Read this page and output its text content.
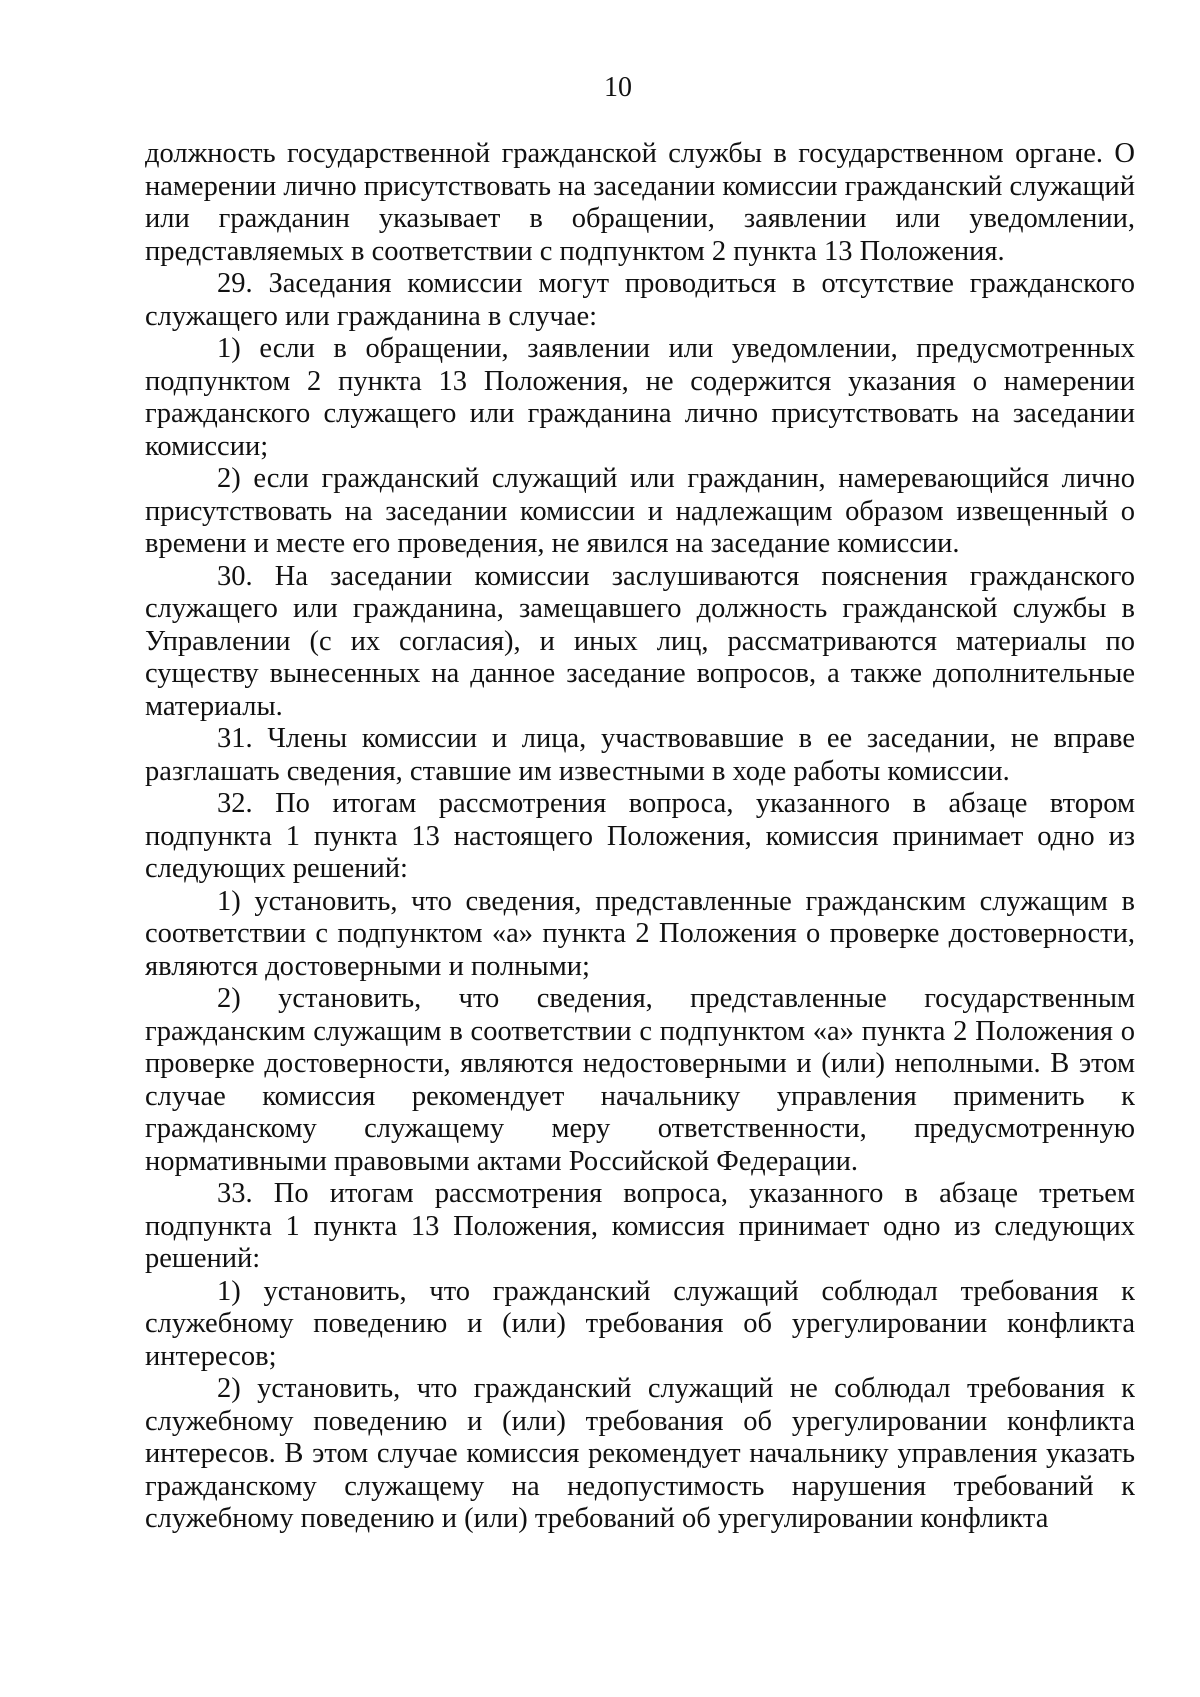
10

должность государственной гражданской службы в государственном органе. О намерении лично присутствовать на заседании комиссии гражданский служащий или гражданин указывает в обращении, заявлении или уведомлении, представляемых в соответствии с подпунктом 2 пункта 13 Положения.

29. Заседания комиссии могут проводиться в отсутствие гражданского служащего или гражданина в случае:

1) если в обращении, заявлении или уведомлении, предусмотренных подпунктом 2 пункта 13 Положения, не содержится указания о намерении гражданского служащего или гражданина лично присутствовать на заседании комиссии;

2) если гражданский служащий или гражданин, намеревающийся лично присутствовать на заседании комиссии и надлежащим образом извещенный о времени и месте его проведения, не явился на заседание комиссии.

30. На заседании комиссии заслушиваются пояснения гражданского служащего или гражданина, замещавшего должность гражданской службы в Управлении (с их согласия), и иных лиц, рассматриваются материалы по существу вынесенных на данное заседание вопросов, а также дополнительные материалы.

31. Члены комиссии и лица, участвовавшие в ее заседании, не вправе разглашать сведения, ставшие им известными в ходе работы комиссии.

32. По итогам рассмотрения вопроса, указанного в абзаце втором подпункта 1 пункта 13 настоящего Положения, комиссия принимает одно из следующих решений:

1) установить, что сведения, представленные гражданским служащим в соответствии с подпунктом «а» пункта 2 Положения о проверке достоверности, являются достоверными и полными;

2) установить, что сведения, представленные государственным гражданским служащим в соответствии с подпунктом «а» пункта 2 Положения о проверке достоверности, являются недостоверными и (или) неполными. В этом случае комиссия рекомендует начальнику управления применить к гражданскому служащему меру ответственности, предусмотренную нормативными правовыми актами Российской Федерации.

33. По итогам рассмотрения вопроса, указанного в абзаце третьем подпункта 1 пункта 13 Положения, комиссия принимает одно из следующих решений:

1) установить, что гражданский служащий соблюдал требования к служебному поведению и (или) требования об урегулировании конфликта интересов;

2) установить, что гражданский служащий не соблюдал требования к служебному поведению и (или) требования об урегулировании конфликта интересов. В этом случае комиссия рекомендует начальнику управления указать гражданскому служащему на недопустимость нарушения требований к служебному поведению и (или) требований об урегулировании конфликта
